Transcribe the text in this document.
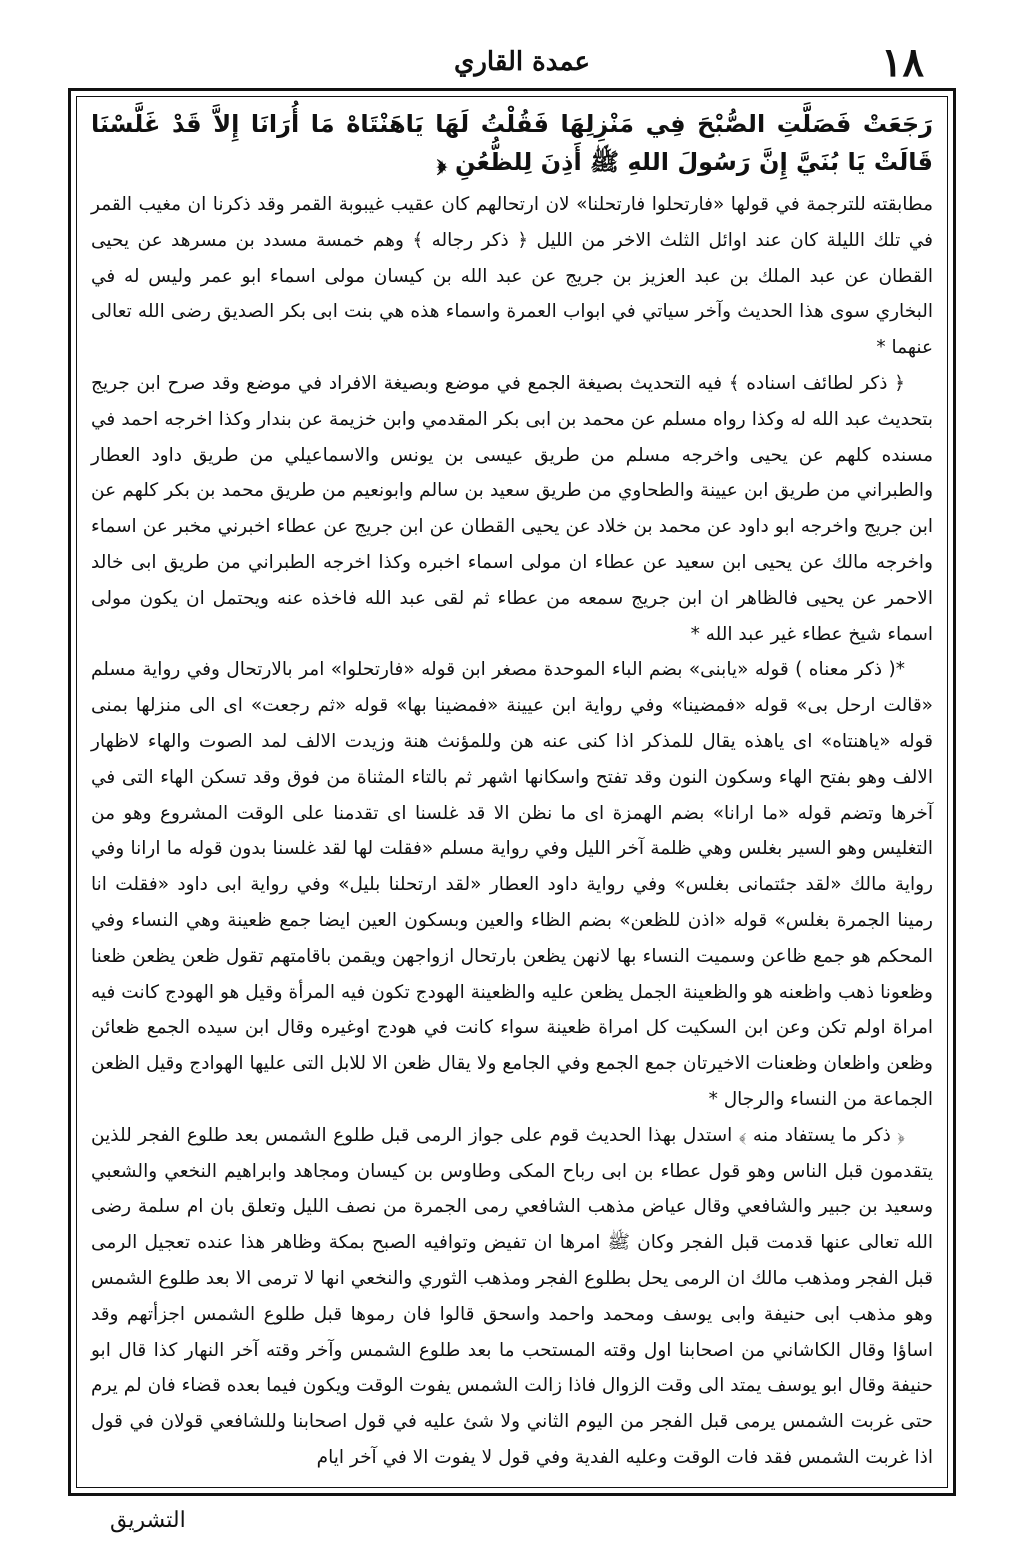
عمدة القاري	۱۸

رَجَعَتْ فَصَلَّتِ الصُّبْحَ فِي مَنْزِلِهَا فَقُلْتُ لَهَا يَاهَنْتَاهْ مَا أُرَانَا إِلاَّ قَدْ غَلَّسْنَا قَالَتْ يَا بُنَيَّ إِنَّ رَسُولَ اللهِ ﷺ أَذِنَ لِلظُّعُنِ ﴿

مطابقته للترجمة في قولها «فارتحلوا فارتحلنا» لان ارتحالهم كان عقيب غيبوبة القمر وقد ذكرنا ان مغيب القمر في تلك الليلة كان عند اوائل الثلث الاخر من الليل ﴿ ذكر رجاله ﴾ وهم خمسة مسدد بن مسرهد عن يحيى القطان عن عبد الملك بن عبد العزيز بن جريج عن عبد الله بن كيسان مولى اسماء ابو عمر وليس له في البخاري سوى هذا الحديث وآخر سياتي في ابواب العمرة واسماء هذه هي بنت ابى بكر الصديق رضى الله تعالى عنهما *

﴿ ذكر لطائف اسناده ﴾ فيه التحديث بصيغة الجمع في موضع وبصيغة الافراد في موضع وقد صرح ابن جريج بتحديث عبد الله له وكذا رواه مسلم عن محمد بن ابى بكر المقدمي وابن خزيمة عن بندار وكذا اخرجه احمد في مسنده كلهم عن يحيى واخرجه مسلم من طريق عيسى بن يونس والاسماعيلي من طريق داود العطار والطبراني من طريق ابن عيينة والطحاوي من طريق سعيد بن سالم وابونعيم من طريق محمد بن بكر كلهم عن ابن جريج واخرجه ابو داود عن محمد بن خلاد عن يحيى القطان عن ابن جريج عن عطاء اخبرني مخبر عن اسماء واخرجه مالك عن يحيى ابن سعيد عن عطاء ان مولى اسماء اخبره وكذا اخرجه الطبراني من طريق ابى خالد الاحمر عن يحيى فالظاهر ان ابن جريج سمعه من عطاء ثم لقى عبد الله فاخذه عنه ويحتمل ان يكون مولى اسماء شيخ عطاء غير عبد الله *

*( ذكر معناه ) قوله «يابنى» بضم الباء الموحدة مصغر ابن قوله «فارتحلوا» امر بالارتحال وفي رواية مسلم «قالت ارحل بى» قوله «فمضينا» وفي رواية ابن عيينة «فمضينا بها» قوله «ثم رجعت» اى الى منزلها بمنى قوله «ياهنتاه» اى ياهذه يقال للمذكر اذا كنى عنه هن وللمؤنث هنة وزيدت الالف لمد الصوت والهاء لاظهار الالف وهو بفتح الهاء وسكون النون وقد تفتح واسكانها اشهر ثم بالتاء المثناة من فوق وقد تسكن الهاء التى في آخرها وتضم قوله «ما ارانا» بضم الهمزة اى ما نظن الا قد غلسنا اى تقدمنا على الوقت المشروع وهو من التغليس وهو السير بغلس وهي ظلمة آخر الليل وفي رواية مسلم «فقلت لها لقد غلسنا بدون قوله ما ارانا وفي رواية مالك «لقد جئتمانى بغلس» وفي رواية داود العطار «لقد ارتحلنا بليل» وفي رواية ابى داود «فقلت انا رمينا الجمرة بغلس» قوله «اذن للظعن» بضم الظاء والعين وبسكون العين ايضا جمع ظعينة وهي النساء وفي المحكم هو جمع ظاعن وسميت النساء بها لانهن يظعن بارتحال ازواجهن ويقمن باقامتهم تقول ظعن يظعن ظعنا وظعونا ذهب واظعنه هو والظعينة الجمل يظعن عليه والظعينة الهودج تكون فيه المرأة وقيل هو الهودج كانت فيه امراة اولم تكن وعن ابن السكيت كل امراة ظعينة سواء كانت في هودج اوغيره وقال ابن سيده الجمع ظعائن وظعن واظعان وظعنات الاخيرتان جمع الجمع وفي الجامع ولا يقال ظعن الا للابل التى عليها الهوادج وقيل الظعن الجماعة من النساء والرجال *

﴿ ذكر ما يستفاد منه ﴾ استدل بهذا الحديث قوم على جواز الرمى قبل طلوع الشمس بعد طلوع الفجر للذين يتقدمون قبل الناس وهو قول عطاء بن ابى رباح المكى وطاوس بن كيسان ومجاهد وابراهيم النخعي والشعبي وسعيد بن جبير والشافعي وقال عياض مذهب الشافعي رمى الجمرة من نصف الليل وتعلق بان ام سلمة رضى الله تعالى عنها قدمت قبل الفجر وكان ﷺ امرها ان تفيض وتوافيه الصبح بمكة وظاهر هذا عنده تعجيل الرمى قبل الفجر ومذهب مالك ان الرمى يحل بطلوع الفجر ومذهب الثوري والنخعي انها لا ترمى الا بعد طلوع الشمس وهو مذهب ابى حنيفة وابى يوسف ومحمد واحمد واسحق قالوا فان رموها قبل طلوع الشمس اجزأتهم وقد اساؤا وقال الكاشاني من اصحابنا اول وقته المستحب ما بعد طلوع الشمس وآخر وقته آخر النهار كذا قال ابو حنيفة وقال ابو يوسف يمتد الى وقت الزوال فاذا زالت الشمس يفوت الوقت ويكون فيما بعده قضاء فان لم يرم حتى غربت الشمس يرمى قبل الفجر من اليوم الثاني ولا شئ عليه في قول اصحابنا وللشافعي قولان في قول اذا غربت الشمس فقد فات الوقت وعليه الفدية وفي قول لا يفوت الا في آخر ايام

التشريق
